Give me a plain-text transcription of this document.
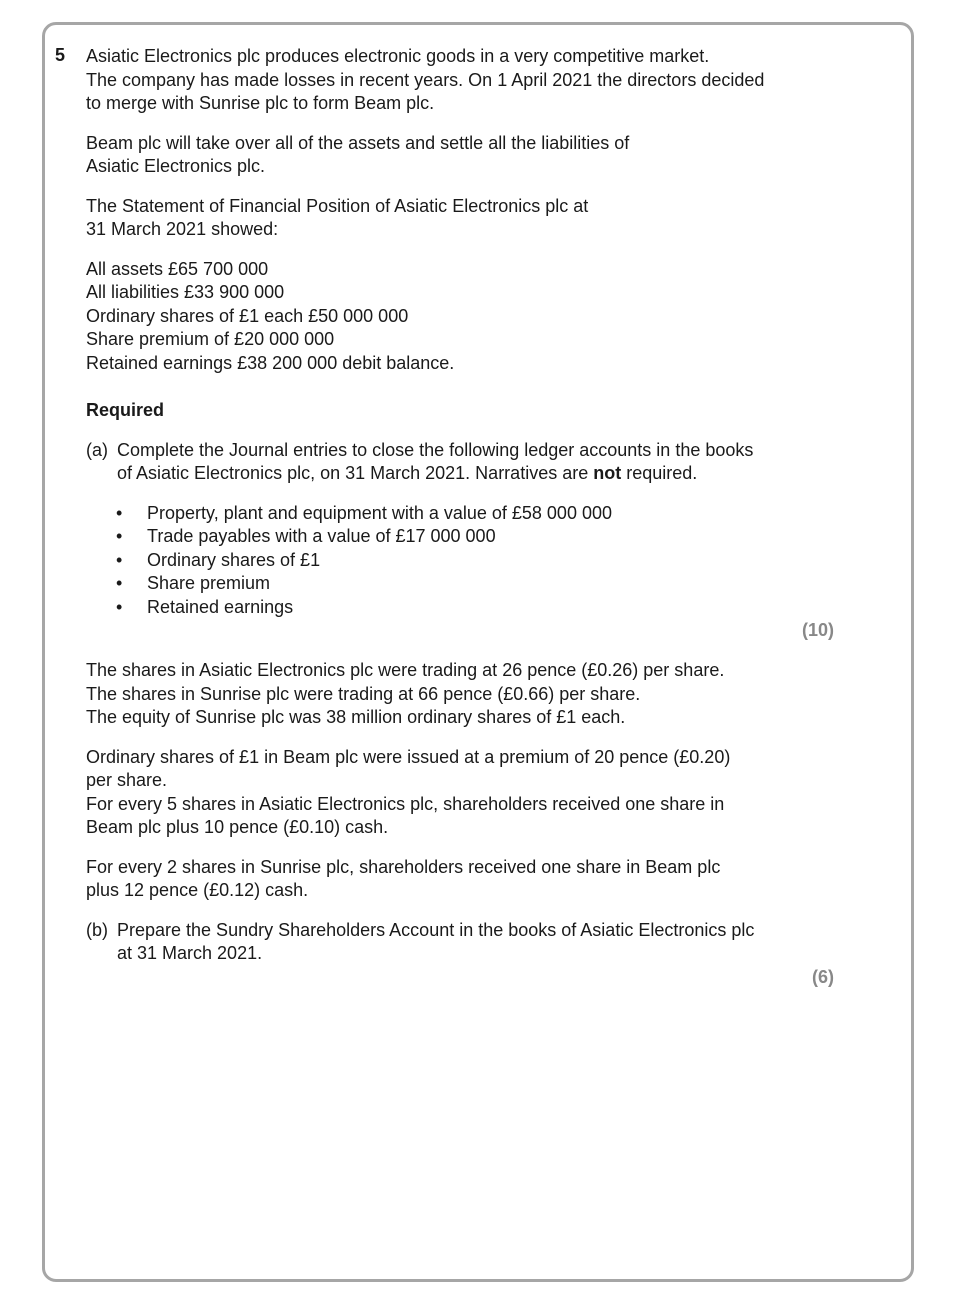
5 Asiatic Electronics plc produces electronic goods in a very competitive market.
The company has made losses in recent years. On 1 April 2021 the directors decided
to merge with Sunrise plc to form Beam plc.

Beam plc will take over all of the assets and settle all the liabilities of
Asiatic Electronics plc.

The Statement of Financial Position of Asiatic Electronics plc at
31 March 2021 showed:

All assets £65 700 000
All liabilities £33 900 000
Ordinary shares of £1 each £50 000 000
Share premium of £20 000 000
Retained earnings £38 200 000 debit balance.

Required

(a) Complete the Journal entries to close the following ledger accounts in the books
of Asiatic Electronics plc, on 31 March 2021. Narratives are not required.
• Property, plant and equipment with a value of £58 000 000
• Trade payables with a value of £17 000 000
• Ordinary shares of £1
• Share premium
• Retained earnings
(10)

The shares in Asiatic Electronics plc were trading at 26 pence (£0.26) per share.
The shares in Sunrise plc were trading at 66 pence (£0.66) per share.
The equity of Sunrise plc was 38 million ordinary shares of £1 each.

Ordinary shares of £1 in Beam plc were issued at a premium of 20 pence (£0.20)
per share.
For every 5 shares in Asiatic Electronics plc, shareholders received one share in
Beam plc plus 10 pence (£0.10) cash.

For every 2 shares in Sunrise plc, shareholders received one share in Beam plc
plus 12 pence (£0.12) cash.

(b) Prepare the Sundry Shareholders Account in the books of Asiatic Electronics plc
at 31 March 2021.
(6)
